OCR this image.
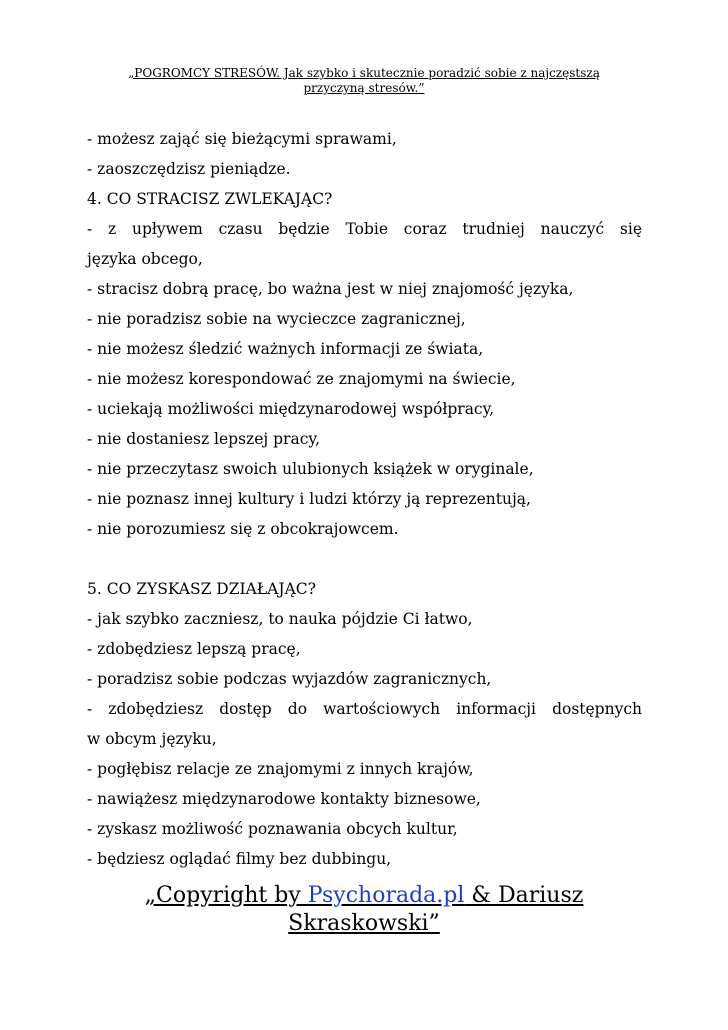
„POGROMCY STRESÓW. Jak szybko i skutecznie poradzić sobie z najczęstszą
przyczyną stresów.”
- możesz zająć się bieżącymi sprawami,
- zaoszczędzisz pieniądze.
4. CO STRACISZ ZWLEKAJĄC?
- z upływem czasu będzie Tobie coraz trudniej nauczyć się
języka obcego,
- stracisz dobrą pracę, bo ważna jest w niej znajomość języka,
- nie poradzisz sobie na wycieczce zagranicznej,
- nie możesz śledzić ważnych informacji ze świata,
- nie możesz korespondować ze znajomymi na świecie,
- uciekają możliwości międzynarodowej współpracy,
- nie dostaniesz lepszej pracy,
- nie przeczytasz swoich ulubionych książek w oryginale,
- nie poznasz innej kultury i ludzi którzy ją reprezentują,
- nie porozumiesz się z obcokrajowcem.
5. CO ZYSKASZ DZIAŁAJĄC?
- jak szybko zaczniesz, to nauka pójdzie Ci łatwo,
- zdobędziesz lepszą pracę,
- poradzisz sobie podczas wyjazdów zagranicznych,
- zdobędziesz dostęp do wartościowych informacji dostępnych
w obcym języku,
- pogłębisz relacje ze znajomymi z innych krajów,
- nawiążesz międzynarodowe kontakty biznesowe,
- zyskasz możliwość poznawania obcych kultur,
- będziesz oglądać filmy bez dubbingu,
„Copyright by Psychorada.pl & Dariusz
Skraskowski”
